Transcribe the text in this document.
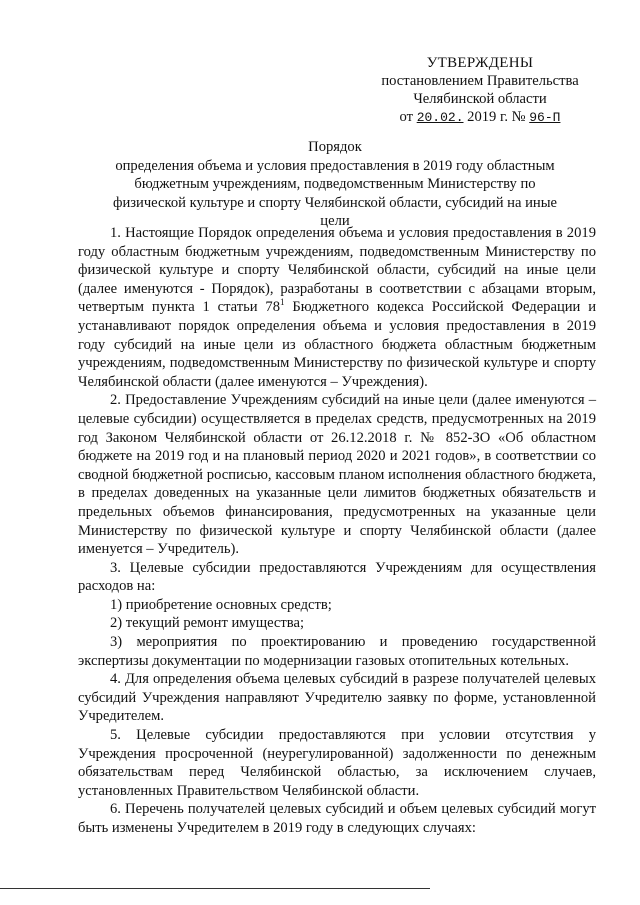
УТВЕРЖДЕНЫ
постановлением Правительства
Челябинской области
от 20.02. 2019 г. № 96-П
Порядок
определения объема и условия предоставления в 2019 году областным бюджетным учреждениям, подведомственным Министерству по физической культуре и спорту Челябинской области, субсидий на иные цели

1. Настоящие Порядок определения объема и условия предоставления в 2019 году областным бюджетным учреждениям, подведомственным Министерству по физической культуре и спорту Челябинской области, субсидий на иные цели (далее именуются - Порядок), разработаны в соответствии с абзацами вторым, четвертым пункта 1 статьи $78^1$ Бюджетного кодекса Российской Федерации и устанавливают порядок определения объема и условия предоставления в 2019 году субсидий на иные цели из областного бюджета областным бюджетным учреждениям, подведомственным Министерству по физической культуре и спорту Челябинской области (далее именуются – Учреждения).

2. Предоставление Учреждениям субсидий на иные цели (далее именуются – целевые субсидии) осуществляется в пределах средств, предусмотренных на 2019 год Законом Челябинской области от 26.12.2018 г. № 852-ЗО «Об областном бюджете на 2019 год и на плановый период 2020 и 2021 годов», в соответствии со сводной бюджетной росписью, кассовым планом исполнения областного бюджета, в пределах доведенных на указанные цели лимитов бюджетных обязательств и предельных объемов финансирования, предусмотренных на указанные цели Министерству по физической культуре и спорту Челябинской области (далее именуется – Учредитель).

3. Целевые субсидии предоставляются Учреждениям для осуществления расходов на:

1) приобретение основных средств;

2) текущий ремонт имущества;

3) мероприятия по проектированию и проведению государственной экспертизы документации по модернизации газовых отопительных котельных.

4. Для определения объема целевых субсидий в разрезе получателей целевых субсидий Учреждения направляют Учредителю заявку по форме, установленной Учредителем.

5. Целевые субсидии предоставляются при условии отсутствия у Учреждения просроченной (неурегулированной) задолженности по денежным обязательствам перед Челябинской областью, за исключением случаев, установленных Правительством Челябинской области.

6. Перечень получателей целевых субсидий и объем целевых субсидий могут быть изменены Учредителем в 2019 году в следующих случаях:
